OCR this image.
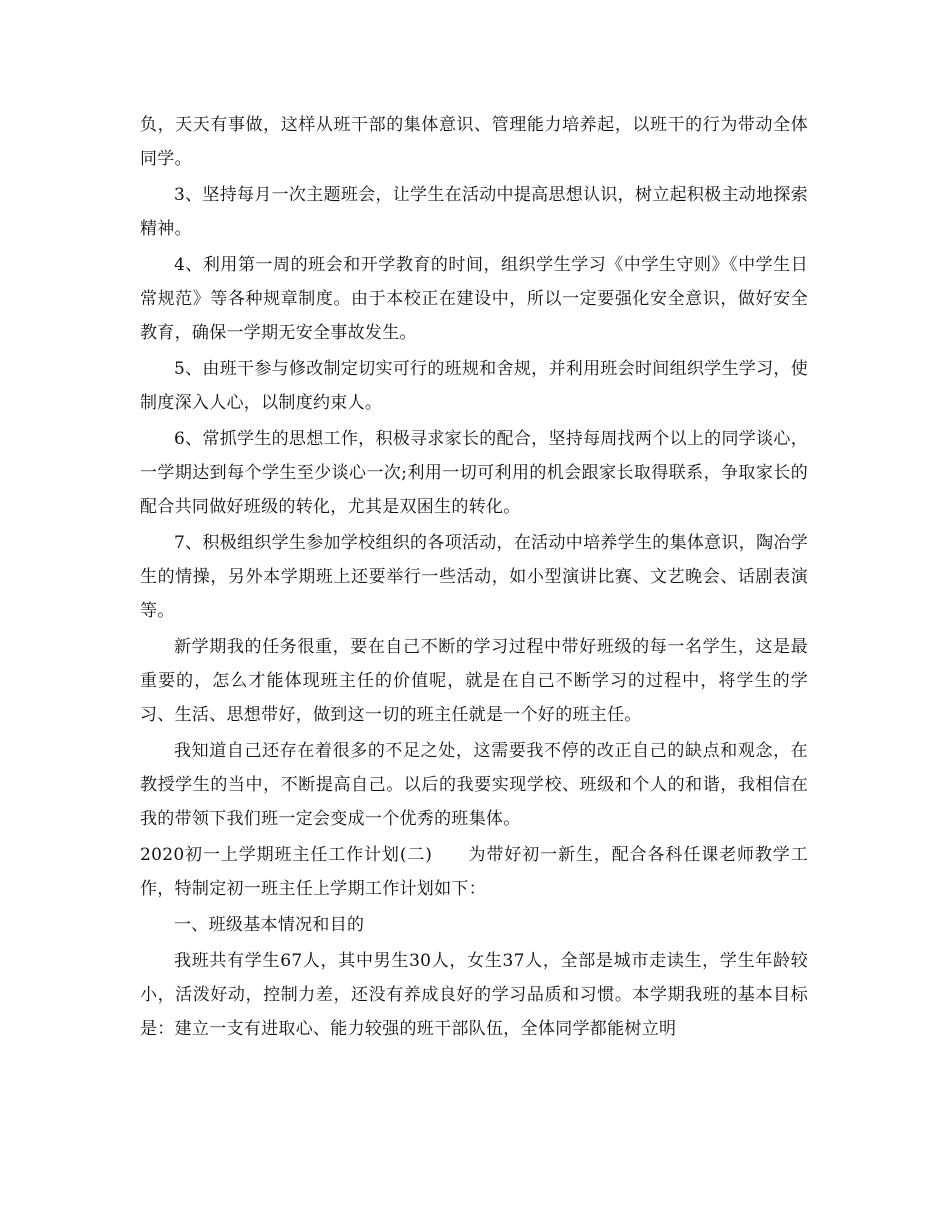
负，天天有事做，这样从班干部的集体意识、管理能力培养起，以班干的行为带动全体同学。

3、坚持每月一次主题班会，让学生在活动中提高思想认识，树立起积极主动地探索精神。

4、利用第一周的班会和开学教育的时间，组织学生学习《中学生守则》《中学生日常规范》等各种规章制度。由于本校正在建设中，所以一定要强化安全意识，做好安全教育，确保一学期无安全事故发生。

5、由班干参与修改制定切实可行的班规和舍规，并利用班会时间组织学生学习，使制度深入人心，以制度约束人。

6、常抓学生的思想工作，积极寻求家长的配合，坚持每周找两个以上的同学谈心，一学期达到每个学生至少谈心一次;利用一切可利用的机会跟家长取得联系，争取家长的配合共同做好班级的转化，尤其是双困生的转化。

7、积极组织学生参加学校组织的各项活动，在活动中培养学生的集体意识，陶冶学生的情操，另外本学期班上还要举行一些活动，如小型演讲比赛、文艺晚会、话剧表演等。

新学期我的任务很重，要在自己不断的学习过程中带好班级的每一名学生，这是最重要的，怎么才能体现班主任的价值呢，就是在自己不断学习的过程中，将学生的学习、生活、思想带好，做到这一切的班主任就是一个好的班主任。

我知道自己还存在着很多的不足之处，这需要我不停的改正自己的缺点和观念，在教授学生的当中，不断提高自己。以后的我要实现学校、班级和个人的和谐，我相信在我的带领下我们班一定会变成一个优秀的班集体。

2020初一上学期班主任工作计划(二)　　为带好初一新生，配合各科任课老师教学工作，特制定初一班主任上学期工作计划如下：

一、班级基本情况和目的

我班共有学生67人，其中男生30人，女生37人，全部是城市走读生，学生年龄较小，活泼好动，控制力差，还没有养成良好的学习品质和习惯。本学期我班的基本目标是：建立一支有进取心、能力较强的班干部队伍，全体同学都能树立明
